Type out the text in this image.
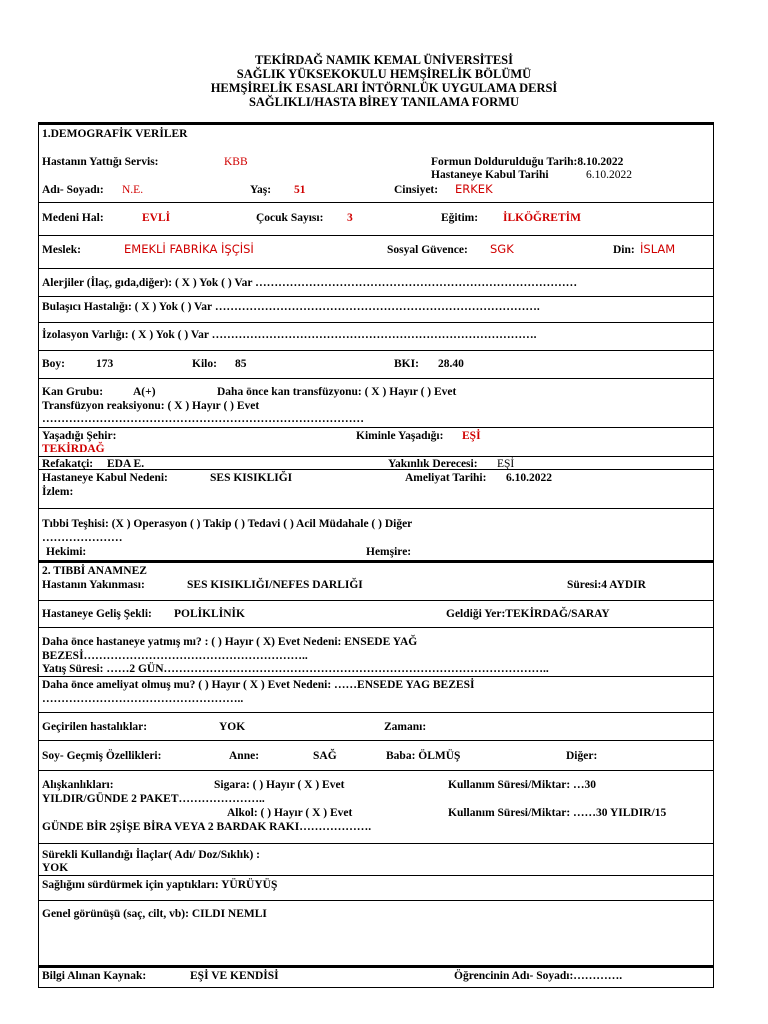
TEKİRDAĞ NAMIK KEMAL ÜNİVERSİTESİ
SAĞLIK YÜKSEKOKULU HEMŞİRELİK BÖLÜMÜ
HEMŞİRELİK ESASLARI İNTÖRNLÜK UYGULAMA DERSİ
SAĞLIKLI/HASTA BİREY TANILAMA FORMU
1.DEMOGRAFİK VERİLER
Hastanın Yattığı Servis:	KBB	Formun Doldurulduğu Tarih:8.10.2022
Hastaneye Kabul Tarihi	6.10.2022
Adı- Soyadı: N.E.	Yaş: 51	Cinsiyet: ERKEK
Medeni Hal:	EVLİ	Çocuk Sayısı: 3	Eğitim: İLKÖĞRETİM
Meslek:	EMEKLİ FABRİKA İŞÇİSİ	Sosyal Güvence: SGK	Din: İSLAM
Alerjiler (İlaç, gıda,diğer): ( X ) Yok ( ) Var …………………………………………………………………………
Bulaşıcı Hastalığı: ( X ) Yok ( ) Var ………………………………………………………………………….
İzolasyon Varlığı: ( X ) Yok ( ) Var ………………………………………………………………………….
Boy:	173	Kilo: 85	BKI: 28.40
Kan Grubu:	A(+)	Daha önce kan transfüzyonu: ( X ) Hayır ( ) Evet
Transfüzyon reaksiyonu: ( X ) Hayır ( ) Evet
…………………………………………………………………………
Yaşadığı Şehir:
TEKİRDAĞ
Kiminle Yaşadığı: EŞİ
Refakatçi: EDA E.	Yakınlık Derecesi: EŞİ
Hastaneye Kabul Nedeni:	SES KISIKLIĞI	Ameliyat Tarihi: 6.10.2022
İzlem:
Tıbbi Teşhisi: (X ) Operasyon ( ) Takip ( ) Tedavi ( ) Acil Müdahale ( ) Diğer
…………………
Hekimi:	Hemşire:
2. TIBBİ ANAMNEZ
Hastanın Yakınması:	SES KISIKLIĞI/NEFES DARLIĞI	Süresi:4 AYDIR
Hastaneye Geliş Şekli: POLİKLİNİK	Geldiği Yer:TEKİRDAĞ/SARAY
Daha önce hastaneye yatmış mı? : ( ) Hayır ( X) Evet Nedeni: ENSEDE YAĞ
BEZESİ…………………………………………………..
Yatış Süresi: ……2 GÜN………………………………………………………………………………………..
Daha önce ameliyat olmuş mu? ( ) Hayır ( X ) Evet Nedeni: ……ENSEDE YAG BEZESİ
……………………………………………..
Geçirilen hastalıklar:	YOK	Zamanı:
Soy- Geçmiş Özellikleri:	Anne:	SAĞ	Baba: ÖLMÜŞ	Diğer:
Alışkanlıkları:	Sigara: ( ) Hayır ( X ) Evet	Kullanım Süresi/Miktar: …30
YILDIR/GÜNDE 2 PAKET…………………..
Alkol: ( ) Hayır ( X ) Evet	Kullanım Süresi/Miktar: ……30 YILDIR/15
GÜNDE BİR 2ŞİŞE BİRA VEYA 2 BARDAK RAKI……………….
Sürekli Kullandığı İlaçlar( Adı/ Doz/Sıklık) :
YOK
Sağlığını sürdürmek için yaptıkları: YÜRÜYÜŞ
Genel görünüşü (saç, cilt, vb): CILDI NEMLI
Bilgi Alınan Kaynak:	EŞİ VE KENDİSİ	Öğrencinin Adı- Soyadı:………….
